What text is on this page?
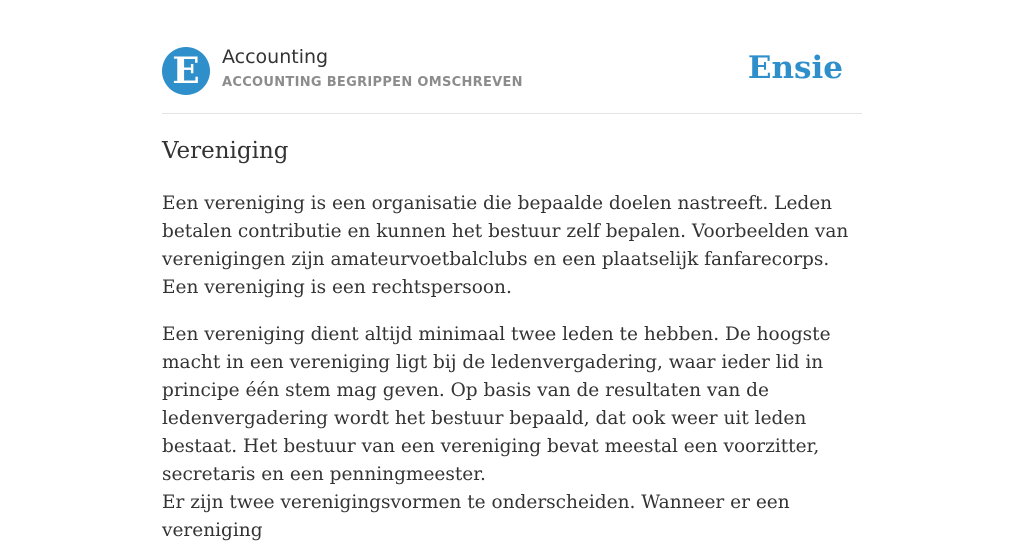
E	Accounting
ACCOUNTING BEGRIPPEN OMSCHREVEN	Ensie
Vereniging

Een vereniging is een organisatie die bepaalde doelen nastreeft. Leden betalen contributie en kunnen het bestuur zelf bepalen. Voorbeelden van verenigingen zijn amateurvoetbalclubs en een plaatselijk fanfarecorps. Een vereniging is een rechtspersoon.

Een vereniging dient altijd minimaal twee leden te hebben. De hoogste macht in een vereniging ligt bij de ledenvergadering, waar ieder lid in principe één stem mag geven. Op basis van de resultaten van de ledenvergadering wordt het bestuur bepaald, dat ook weer uit leden bestaat. Het bestuur van een vereniging bevat meestal een voorzitter, secretaris en een penningmeester.

Er zijn twee verenigingsvormen te onderscheiden. Wanneer er een vereniging
